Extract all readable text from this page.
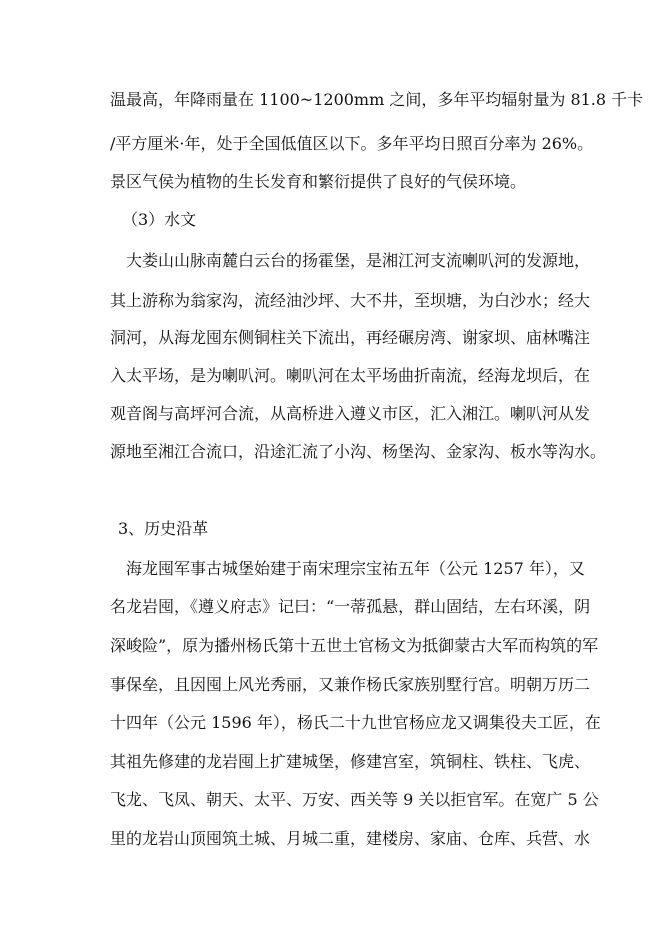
温最高，年降雨量在 1100~1200mm 之间，多年平均辐射量为 81.8 千卡
/平方厘米·年，处于全国低值区以下。多年平均日照百分率为 26%。
景区气侯为植物的生长发育和繁衍提供了良好的气侯环境。
（3）水文
大娄山山脉南麓白云台的扬霍堡，是湘江河支流喇叭河的发源地，
其上游称为翁家沟，流经油沙坪、大不井，至坝塘，为白沙水；经大
洞河，从海龙囤东侧铜柱关下流出，再经碾房湾、谢家坝、庙林嘴注
入太平场，是为喇叭河。喇叭河在太平场曲折南流，经海龙坝后，在
观音阁与高坪河合流，从高桥进入遵义市区，汇入湘江。喇叭河从发
源地至湘江合流口，沿途汇流了小沟、杨堡沟、金家沟、板水等沟水。
3、历史沿革
海龙囤军事古城堡始建于南宋理宗宝祐五年（公元 1257 年），又
名龙岩囤，《遵义府志》记曰：“一蒂孤悬，群山固结，左右环溪，阴
深峻险”，原为播州杨氏第十五世土官杨文为抵御蒙古大军而构筑的军
事保垒，且因囤上风光秀丽，又兼作杨氏家族别墅行宫。明朝万历二
十四年（公元 1596 年），杨氏二十九世官杨应龙又调集役夫工匠，在
其祖先修建的龙岩囤上扩建城堡，修建宫室，筑铜柱、铁柱、飞虎、
飞龙、飞凤、朝天、太平、万安、西关等 9 关以拒官军。在宽广 5 公
里的龙岩山顶囤筑土城、月城二重，建楼房、家庙、仓库、兵营、水
